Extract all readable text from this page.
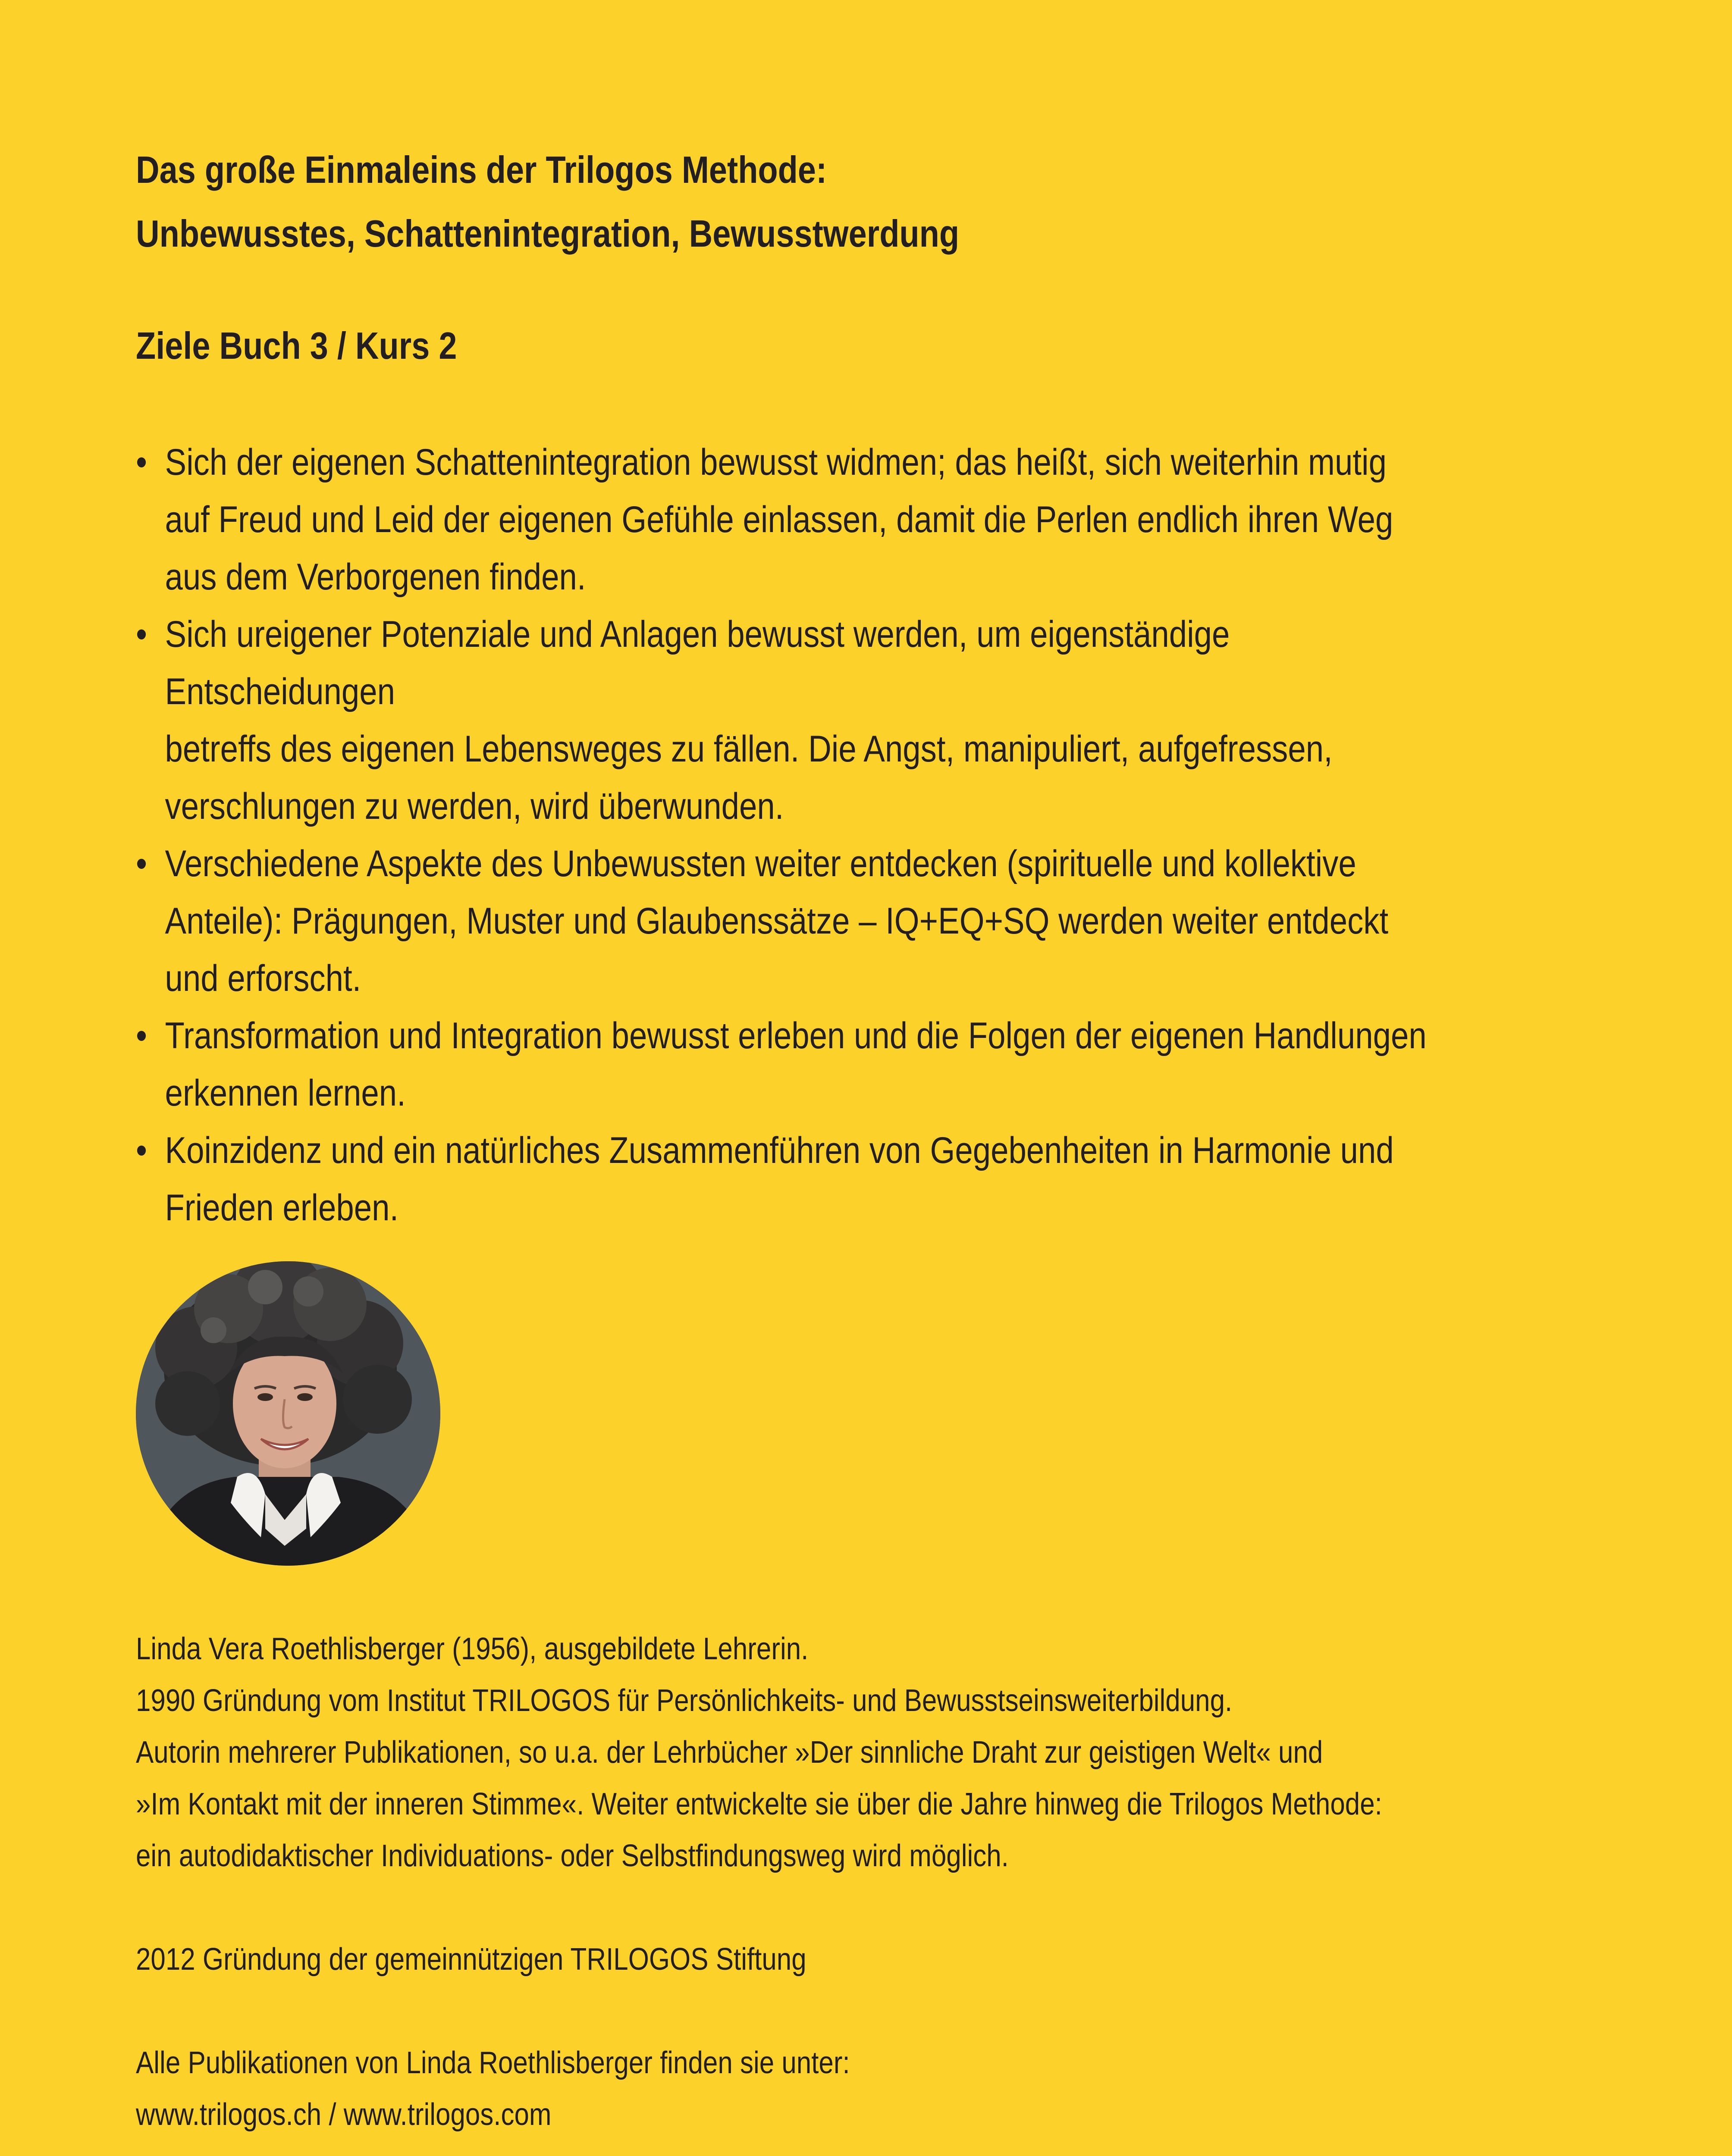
Das große Einmaleins der Trilogos Methode:
Unbewusstes, Schattenintegration, Bewusstwerdung
Ziele Buch 3 / Kurs 2
• Sich der eigenen Schattenintegration bewusst widmen; das heißt, sich weiterhin mutig
auf Freud und Leid der eigenen Gefühle einlassen, damit die Perlen endlich ihren Weg
aus dem Verborgenen finden.
• Sich ureigener Potenziale und Anlagen bewusst werden, um eigenständige Entscheidungen
betreffs des eigenen Lebensweges zu fällen. Die Angst, manipuliert, aufgefressen,
verschlungen zu werden, wird überwunden.
• Verschiedene Aspekte des Unbewussten weiter entdecken (spirituelle und kollektive
Anteile): Prägungen, Muster und Glaubenssätze – IQ+EQ+SQ werden weiter entdeckt
und erforscht.
• Transformation und Integration bewusst erleben und die Folgen der eigenen Handlungen
erkennen lernen.
• Koinzidenz und ein natürliches Zusammenführen von Gegebenheiten in Harmonie und
Frieden erleben.

Linda Vera Roethlisberger (1956), ausgebildete Lehrerin.

1990 Gründung vom Institut TRILOGOS für Persönlichkeits- und Bewusstseinsweiterbildung.

Autorin mehrerer Publikationen, so u.a. der Lehrbücher »Der sinnliche Draht zur geistigen Welt« und

»Im Kontakt mit der inneren Stimme«. Weiter entwickelte sie über die Jahre hinweg die Trilogos Methode:

ein autodidaktischer Individuations- oder Selbstfindungsweg wird möglich.

2012 Gründung der gemeinnützigen TRILOGOS Stiftung

Alle Publikationen von Linda Roethlisberger finden sie unter:

www.trilogos.ch / www.trilogos.com
